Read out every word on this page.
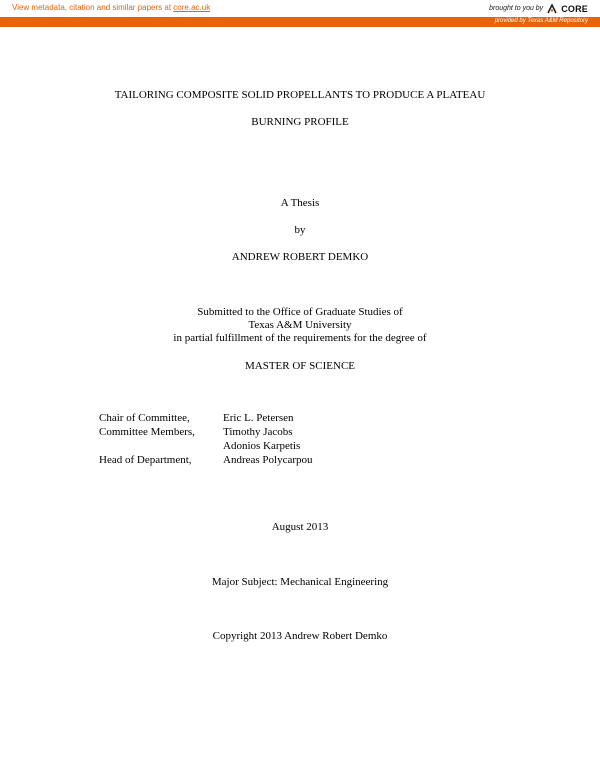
View metadata, citation and similar papers at core.ac.uk	brought to you by CORE
provided by Texas A&M Repository
TAILORING COMPOSITE SOLID PROPELLANTS TO PRODUCE A PLATEAU
BURNING PROFILE
A Thesis
by
ANDREW ROBERT DEMKO
Submitted to the Office of Graduate Studies of
Texas A&M University
in partial fulfillment of the requirements for the degree of
MASTER OF SCIENCE
Chair of Committee,	Eric L. Petersen
Committee Members,	Timothy Jacobs
Adonios Karpetis
Head of Department,	Andreas Polycarpou
August 2013
Major Subject: Mechanical Engineering
Copyright 2013 Andrew Robert Demko
